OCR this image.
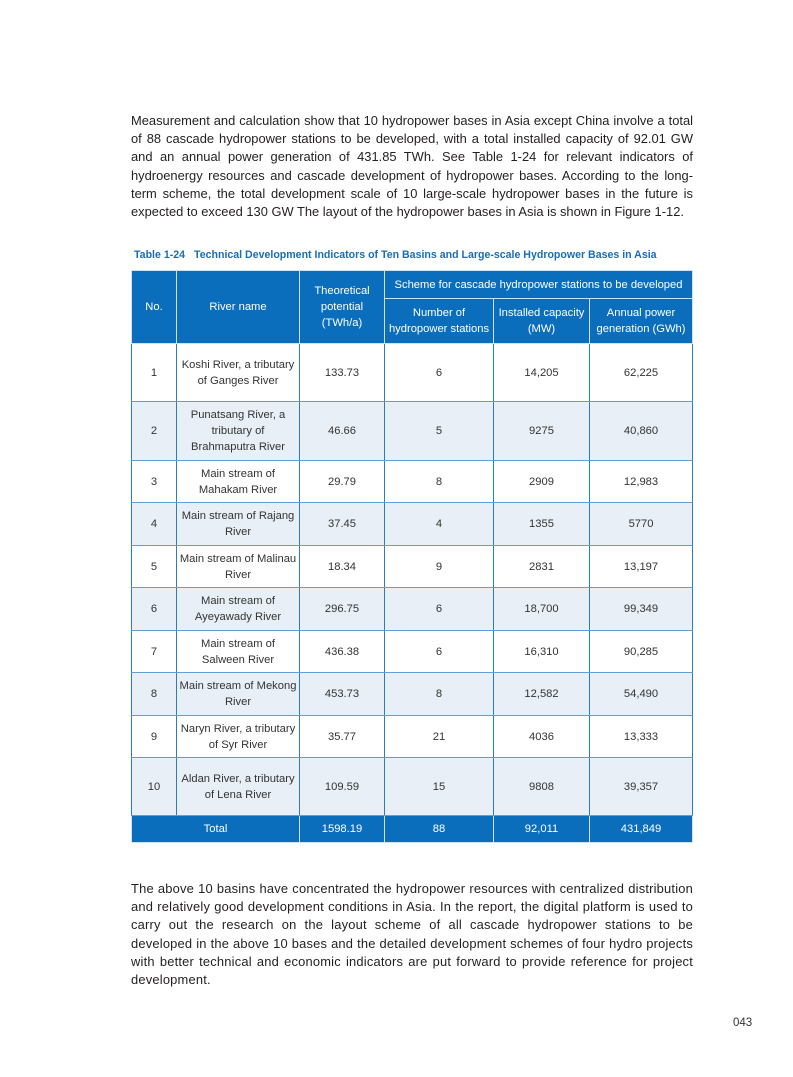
Measurement and calculation show that 10 hydropower bases in Asia except China involve a total of 88 cascade hydropower stations to be developed, with a total installed capacity of 92.01 GW and an annual power generation of 431.85 TWh. See Table 1-24 for relevant indicators of hydroenergy resources and cascade development of hydropower bases. According to the long-term scheme, the total development scale of 10 large-scale hydropower bases in the future is expected to exceed 130 GW The layout of the hydropower bases in Asia is shown in Figure 1-12.
Table 1-24 Technical Development Indicators of Ten Basins and Large-scale Hydropower Bases in Asia
No.	River name	Theoretical potential (TWh/a)	Scheme for cascade hydropower stations to be developed		
			Number of hydropower stations	Installed capacity (MW)	Annual power generation (GWh)
1	Koshi River, a tributary of Ganges River	133.73	6	14,205	62,225
2	Punatsang River, a tributary of Brahmaputra River	46.66	5	9275	40,860
3	Main stream of Mahakam River	29.79	8	2909	12,983
4	Main stream of Rajang River	37.45	4	1355	5770
5	Main stream of Malinau River	18.34	9	2831	13,197
6	Main stream of Ayeyawady River	296.75	6	18,700	99,349
7	Main stream of Salween River	436.38	6	16,310	90,285
8	Main stream of Mekong River	453.73	8	12,582	54,490
9	Naryn River, a tributary of Syr River	35.77	21	4036	13,333
10	Aldan River, a tributary of Lena River	109.59	15	9808	39,357
Total		1598.19	88	92,011	431,849
The above 10 basins have concentrated the hydropower resources with centralized distribution and relatively good development conditions in Asia. In the report, the digital platform is used to carry out the research on the layout scheme of all cascade hydropower stations to be developed in the above 10 bases and the detailed development schemes of four hydro projects with better technical and economic indicators are put forward to provide reference for project development.
043
